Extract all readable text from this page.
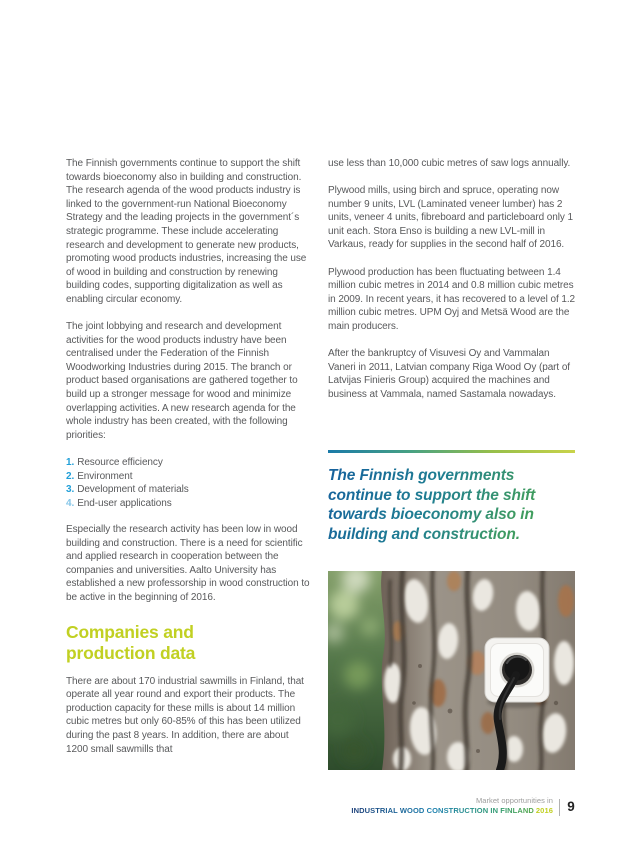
The Finnish governments continue to support the shift towards bioeconomy also in building and construction. The research agenda of the wood products industry is linked to the government-run National Bioeconomy Strategy and the leading projects in the government´s strategic programme. These include accelerating research and development to generate new products, promoting wood products industries, increasing the use of wood in building and construction by renewing building codes, supporting digitalization as well as enabling circular economy.

The joint lobbying and research and development activities for the wood products industry have been centralised under the Federation of the Finnish Woodworking Industries during 2015. The branch or product based organisations are gathered together to build up a stronger message for wood and minimize overlapping activities. A new research agenda for the whole industry has been created, with the following priorities:

1. Resource efficiency
2. Environment
3. Development of materials
4. End-user applications

Especially the research activity has been low in wood building and construction. There is a need for scientific and applied research in cooperation between the companies and universities. Aalto University has established a new professorship in wood construction to be active in the beginning of 2016.

Companies and production data

There are about 170 industrial sawmills in Finland, that operate all year round and export their products. The production capacity for these mills is about 14 million cubic metres but only 60-85% of this has been utilized during the past 8 years. In addition, there are about 1200 small sawmills that

use less than 10,000 cubic metres of saw logs annually.

Plywood mills, using birch and spruce, operating now number 9 units, LVL (Laminated veneer lumber) has 2 units, veneer 4 units, fibreboard and particleboard only 1 unit each. Stora Enso is building a new LVL-mill in Varkaus, ready for supplies in the second half of 2016.

Plywood production has been fluctuating between 1.4 million cubic metres in 2014 and 0.8 million cubic metres in 2009. In recent years, it has recovered to a level of 1.2 million cubic metres. UPM Oyj and Metsä Wood are the main producers.

After the bankruptcy of Visuvesi Oy and Vammalan Vaneri in 2011, Latvian company Riga Wood Oy (part of Latvijas Finieris Group) acquired the machines and business at Vammala, named Sastamala nowadays.

The Finnish governments continue to support the shift towards bioeconomy also in building and construction.
Market opportunities in
INDUSTRIAL WOOD CONSTRUCTION IN FINLAND 2016	9
